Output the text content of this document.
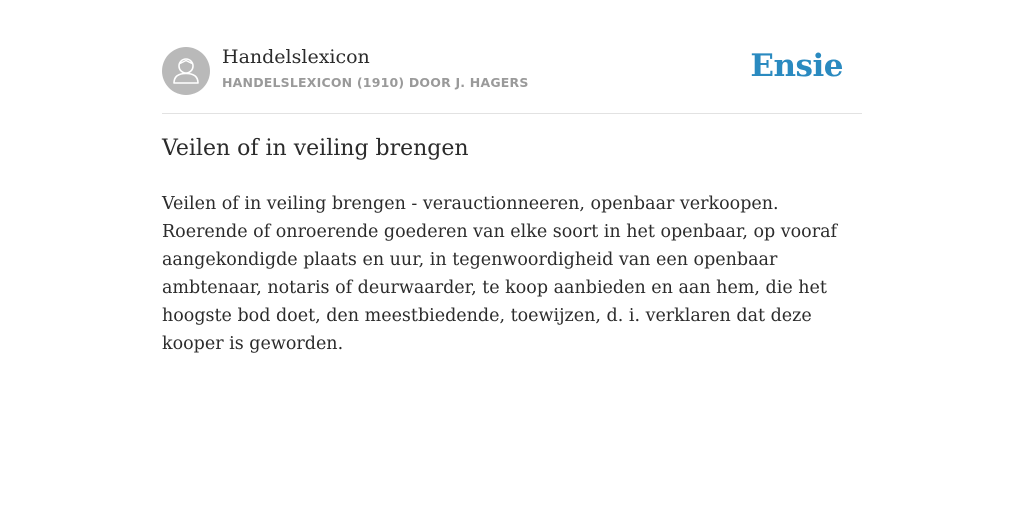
Handelslexicon
HANDELSLEXICON (1910) DOOR J. HAGERS	Ensie
Veilen of in veiling brengen

Veilen of in veiling brengen - verauctionneeren, openbaar verkoopen. Roerende of onroerende goederen van elke soort in het openbaar, op vooraf aangekondigde plaats en uur, in tegenwoordigheid van een openbaar ambtenaar, notaris of deurwaarder, te koop aanbieden en aan hem, die het hoogste bod doet, den meestbiedende, toewijzen, d. i. verklaren dat deze kooper is geworden.
